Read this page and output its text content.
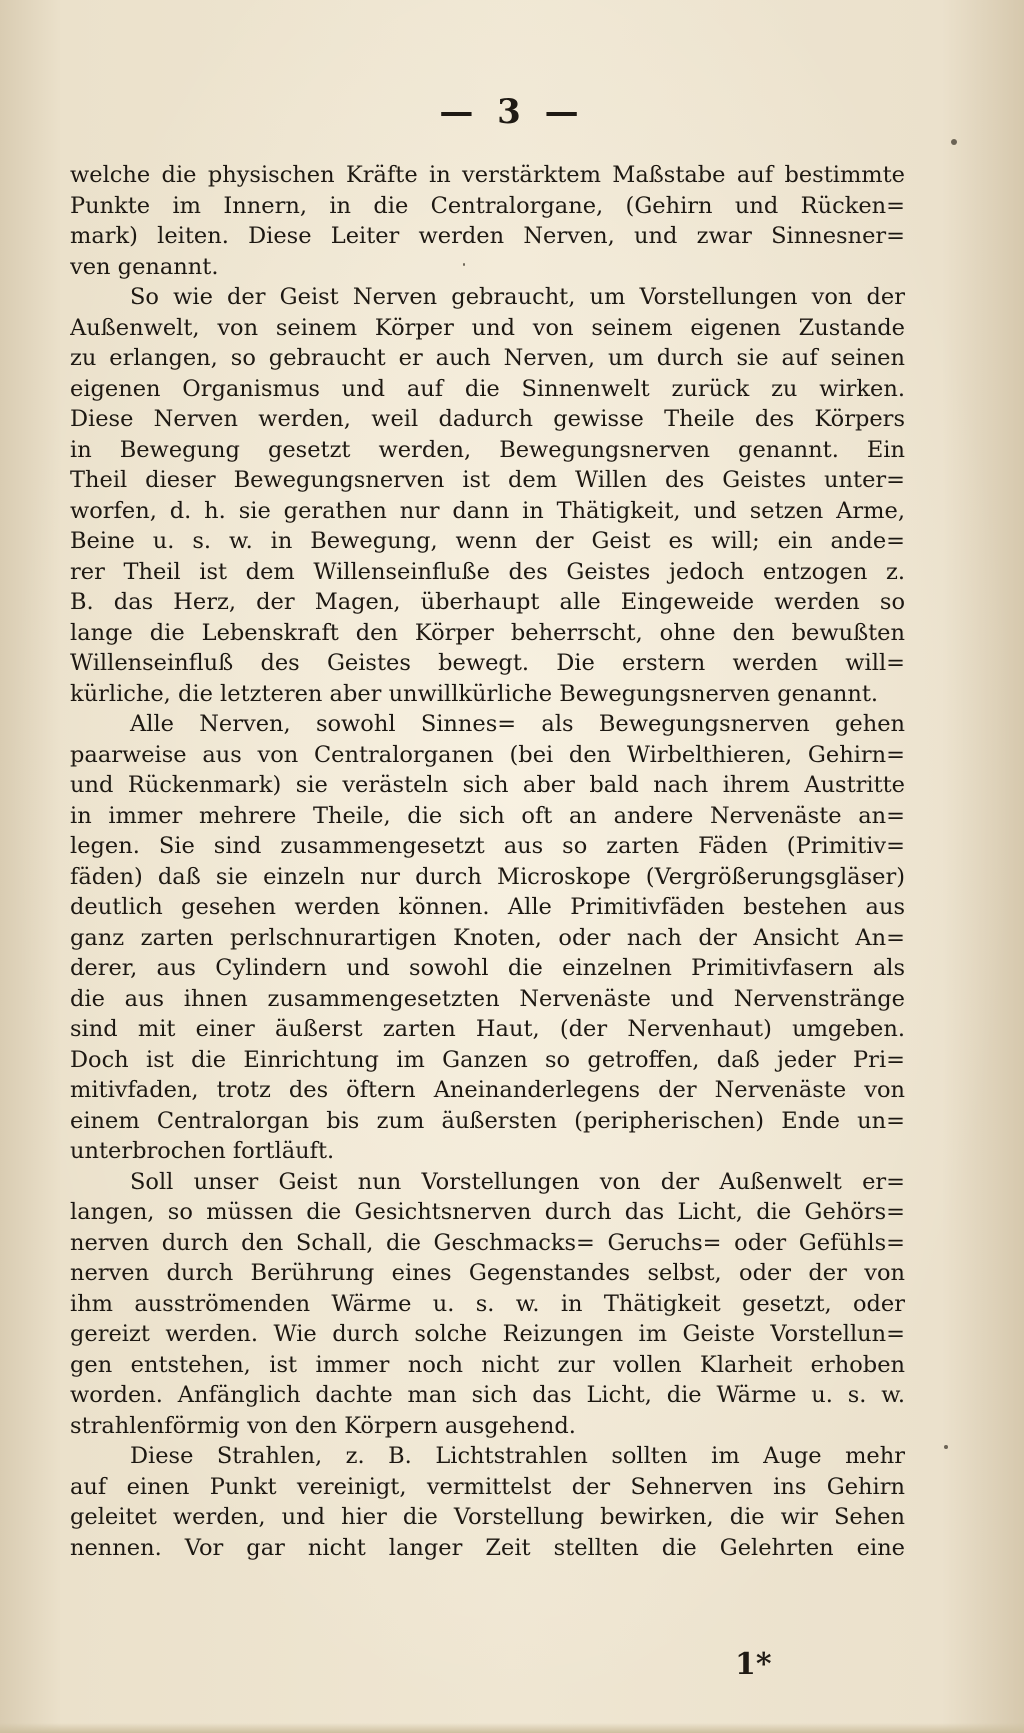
— 3 —
welche die physischen Kräfte in verstärktem Maßstabe auf bestimmte
Punkte im Innern, in die Centralorgane, (Gehirn und Rücken=
mark) leiten. Diese Leiter werden Nerven, und zwar Sinnesner=
ven genannt.
So wie der Geist Nerven gebraucht, um Vorstellungen von der
Außenwelt, von seinem Körper und von seinem eigenen Zustande
zu erlangen, so gebraucht er auch Nerven, um durch sie auf seinen
eigenen Organismus und auf die Sinnenwelt zurück zu wirken.
Diese Nerven werden, weil dadurch gewisse Theile des Körpers
in Bewegung gesetzt werden, Bewegungsnerven genannt. Ein
Theil dieser Bewegungsnerven ist dem Willen des Geistes unter=
worfen, d. h. sie gerathen nur dann in Thätigkeit, und setzen Arme,
Beine u. s. w. in Bewegung, wenn der Geist es will; ein ande=
rer Theil ist dem Willenseinfluße des Geistes jedoch entzogen z.
B. das Herz, der Magen, überhaupt alle Eingeweide werden so
lange die Lebenskraft den Körper beherrscht, ohne den bewußten
Willenseinfluß des Geistes bewegt. Die erstern werden will=
kürliche, die letzteren aber unwillkürliche Bewegungsnerven genannt.
Alle Nerven, sowohl Sinnes= als Bewegungsnerven gehen
paarweise aus von Centralorganen (bei den Wirbelthieren, Gehirn=
und Rückenmark) sie verästeln sich aber bald nach ihrem Austritte
in immer mehrere Theile, die sich oft an andere Nervenäste an=
legen. Sie sind zusammengesetzt aus so zarten Fäden (Primitiv=
fäden) daß sie einzeln nur durch Microskope (Vergrößerungsgläser)
deutlich gesehen werden können. Alle Primitivfäden bestehen aus
ganz zarten perlschnurartigen Knoten, oder nach der Ansicht An=
derer, aus Cylindern und sowohl die einzelnen Primitivfasern als
die aus ihnen zusammengesetzten Nervenäste und Nervenstränge
sind mit einer äußerst zarten Haut, (der Nervenhaut) umgeben.
Doch ist die Einrichtung im Ganzen so getroffen, daß jeder Pri=
mitivfaden, trotz des öftern Aneinanderlegens der Nervenäste von
einem Centralorgan bis zum äußersten (peripherischen) Ende un=
unterbrochen fortläuft.
Soll unser Geist nun Vorstellungen von der Außenwelt er=
langen, so müssen die Gesichtsnerven durch das Licht, die Gehörs=
nerven durch den Schall, die Geschmacks= Geruchs= oder Gefühls=
nerven durch Berührung eines Gegenstandes selbst, oder der von
ihm ausströmenden Wärme u. s. w. in Thätigkeit gesetzt, oder
gereizt werden. Wie durch solche Reizungen im Geiste Vorstellun=
gen entstehen, ist immer noch nicht zur vollen Klarheit erhoben
worden. Anfänglich dachte man sich das Licht, die Wärme u. s. w.
strahlenförmig von den Körpern ausgehend.
Diese Strahlen, z. B. Lichtstrahlen sollten im Auge mehr
auf einen Punkt vereinigt, vermittelst der Sehnerven ins Gehirn
geleitet werden, und hier die Vorstellung bewirken, die wir Sehen
nennen. Vor gar nicht langer Zeit stellten die Gelehrten eine
1*
